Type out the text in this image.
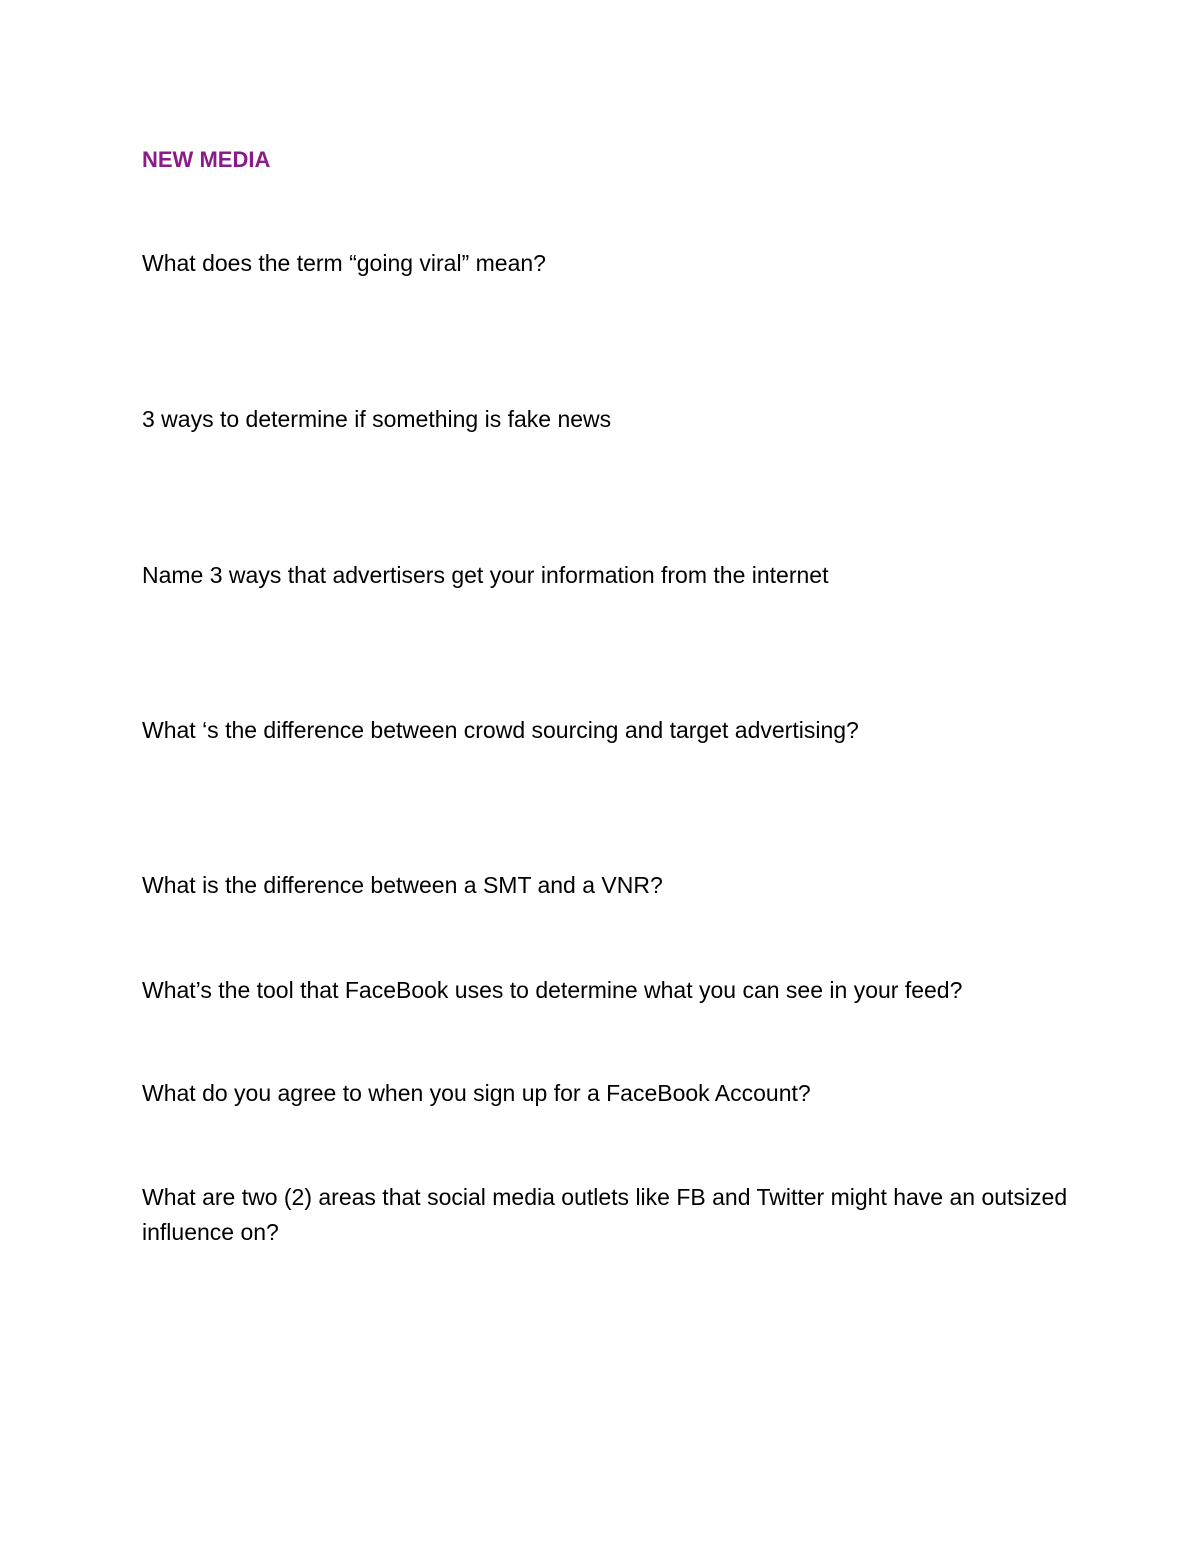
NEW MEDIA
What does the term “going viral” mean?
3 ways to determine if something is fake news
Name 3 ways that advertisers get your information from the internet
What ‘s the difference between crowd sourcing and target advertising?
What is the difference between a SMT and a VNR?
What’s the tool that FaceBook uses to determine what you can see in your feed?
What do you agree to when you sign up for a FaceBook Account?
What are two (2) areas that social media outlets like FB and Twitter might have an outsized influence on?
